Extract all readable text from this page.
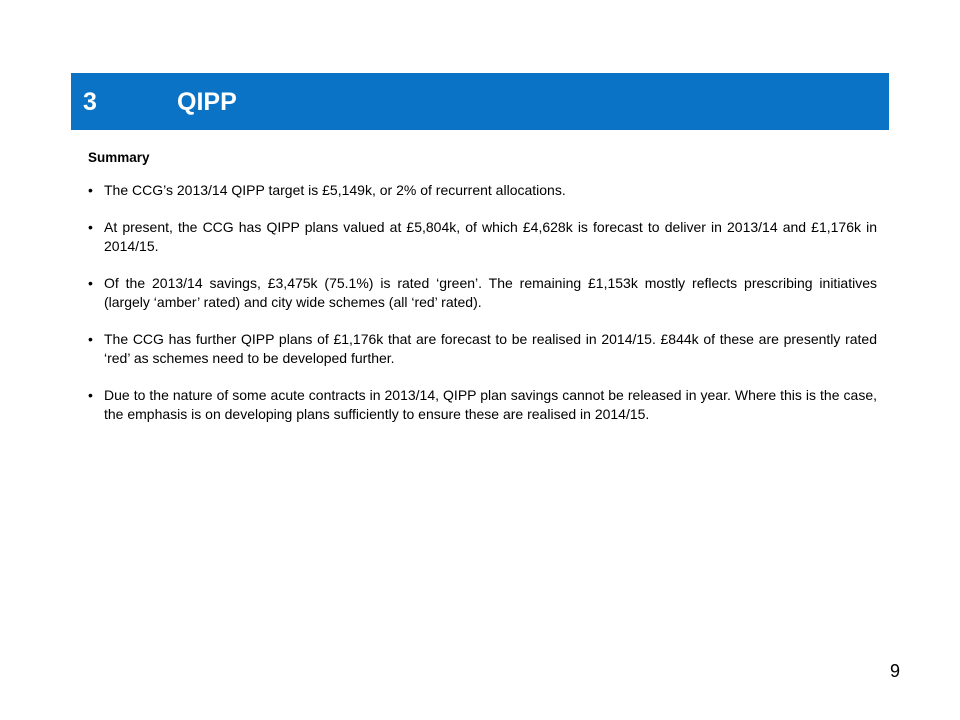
3	QIPP
Summary
• The CCG’s 2013/14 QIPP target is £5,149k, or 2% of recurrent allocations.
• At present, the CCG has QIPP plans valued at £5,804k, of which £4,628k is forecast to deliver in 2013/14 and £1,176k in 2014/15.
• Of the 2013/14 savings, £3,475k (75.1%) is rated ‘green’. The remaining £1,153k mostly reflects prescribing initiatives (largely ‘amber’ rated) and city wide schemes (all ‘red’ rated).
• The CCG has further QIPP plans of £1,176k that are forecast to be realised in 2014/15. £844k of these are presently rated ‘red’ as schemes need to be developed further.
• Due to the nature of some acute contracts in 2013/14, QIPP plan savings cannot be released in year. Where this is the case, the emphasis is on developing plans sufficiently to ensure these are realised in 2014/15.
9
